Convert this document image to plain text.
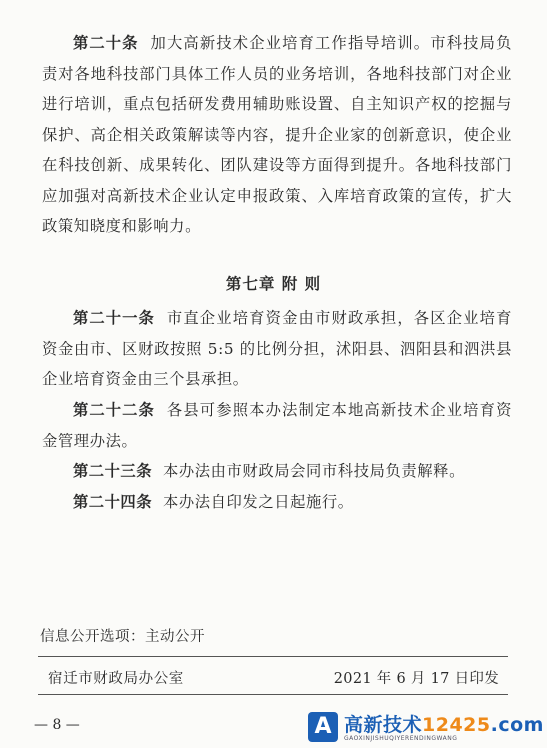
第二十条 加大高新技术企业培育工作指导培训。市科技局负责对各地科技部门具体工作人员的业务培训，各地科技部门对企业进行培训，重点包括研发费用辅助账设置、自主知识产权的挖掘与保护、高企相关政策解读等内容，提升企业家的创新意识，使企业在科技创新、成果转化、团队建设等方面得到提升。各地科技部门应加强对高新技术企业认定申报政策、入库培育政策的宣传，扩大政策知晓度和影响力。

第七章 附 则

第二十一条 市直企业培育资金由市财政承担，各区企业培育资金由市、区财政按照 5:5 的比例分担，沭阳县、泗阳县和泗洪县企业培育资金由三个县承担。

第二十二条 各县可参照本办法制定本地高新技术企业培育资金管理办法。

第二十三条 本办法由市财政局会同市科技局负责解释。

第二十四条 本办法自印发之日起施行。

信息公开选项：主动公开
宿迁市财政局办公室	2021 年 6 月 17 日印发
— 8 —	A 高新技术12425.com
GAOXINJISHUQIYERENDINGWANG
